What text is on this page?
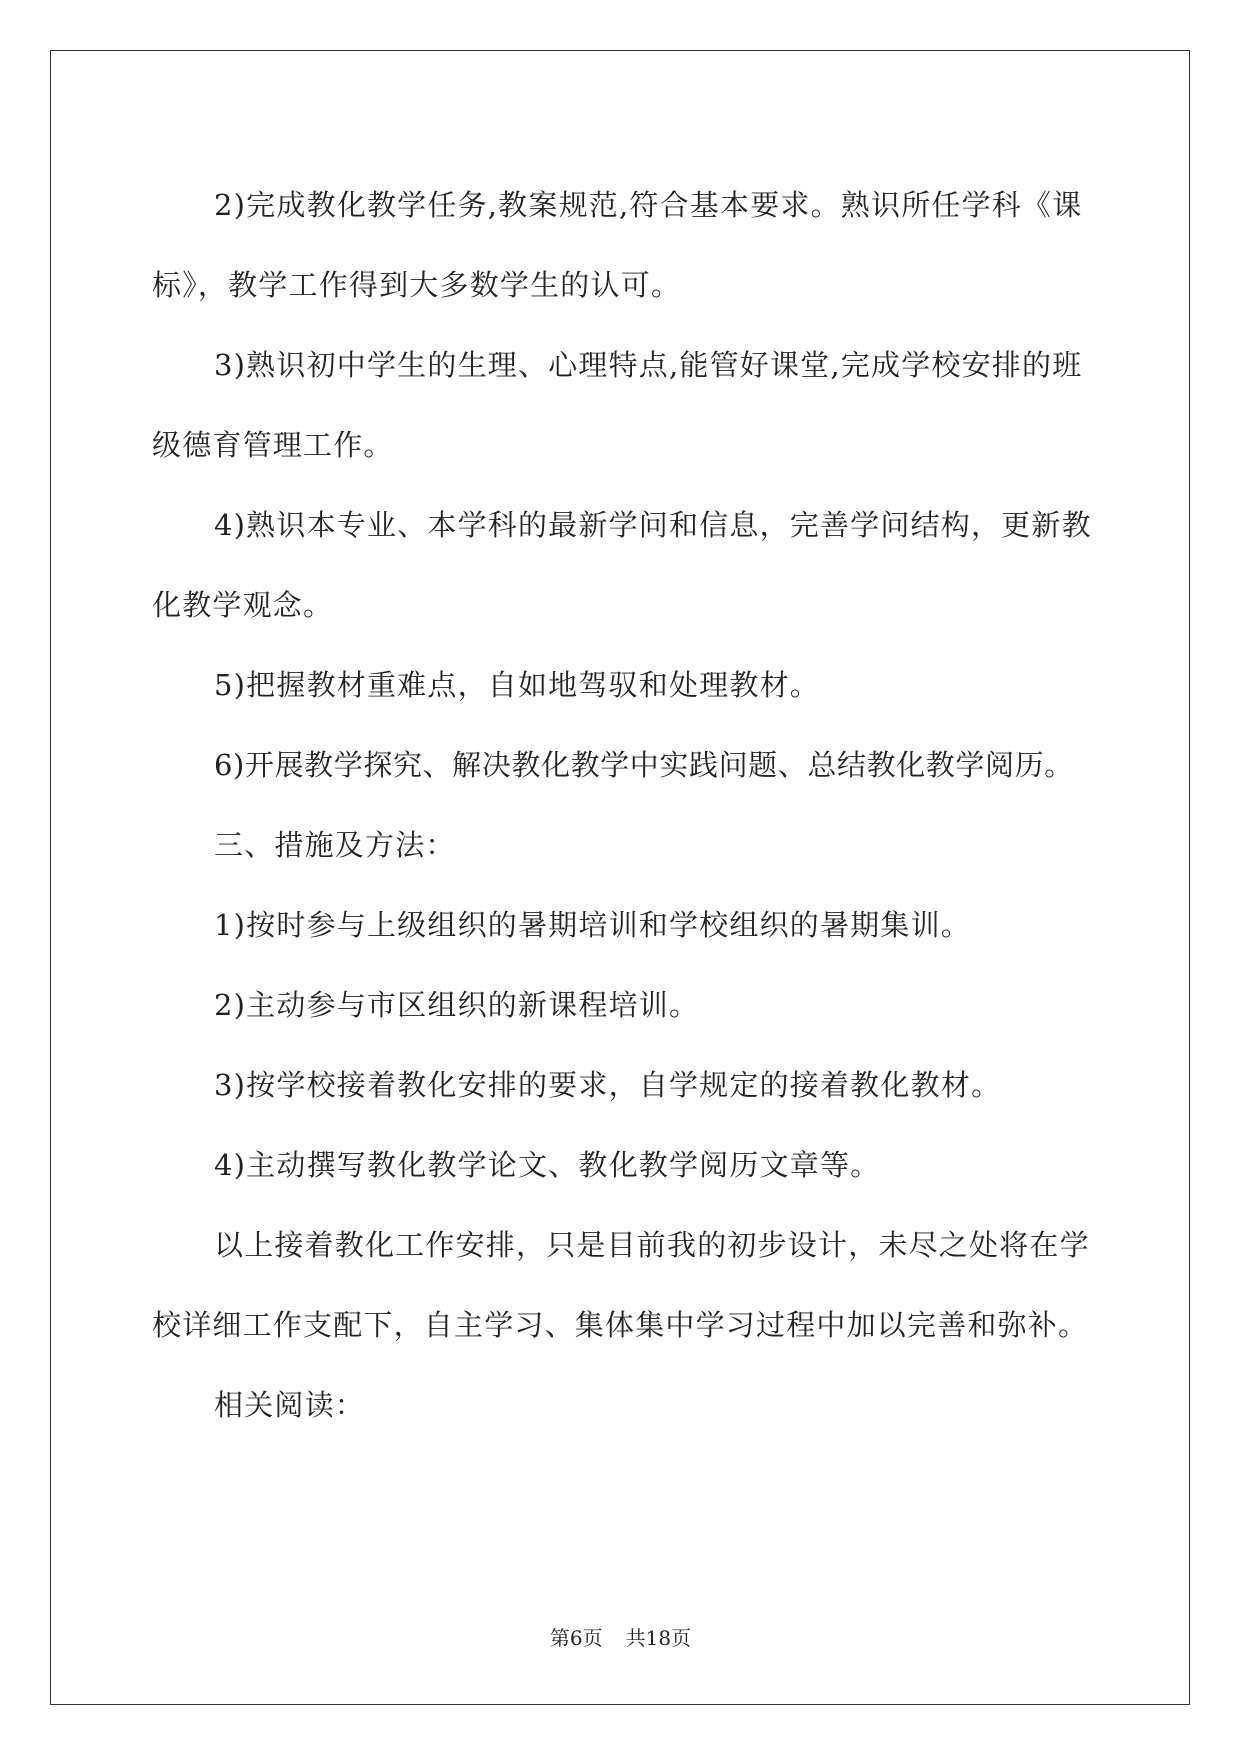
2)完成教化教学任务,教案规范,符合基本要求。熟识所任学科《课标》，教学工作得到大多数学生的认可。

3)熟识初中学生的生理、心理特点,能管好课堂,完成学校安排的班级德育管理工作。

4)熟识本专业、本学科的最新学问和信息，完善学问结构，更新教化教学观念。

5)把握教材重难点，自如地驾驭和处理教材。

6)开展教学探究、解决教化教学中实践问题、总结教化教学阅历。

三、措施及方法：

1)按时参与上级组织的暑期培训和学校组织的暑期集训。

2)主动参与市区组织的新课程培训。

3)按学校接着教化安排的要求，自学规定的接着教化教材。

4)主动撰写教化教学论文、教化教学阅历文章等。

以上接着教化工作安排，只是目前我的初步设计，未尽之处将在学校详细工作支配下，自主学习、集体集中学习过程中加以完善和弥补。

相关阅读：

第6页 共18页
